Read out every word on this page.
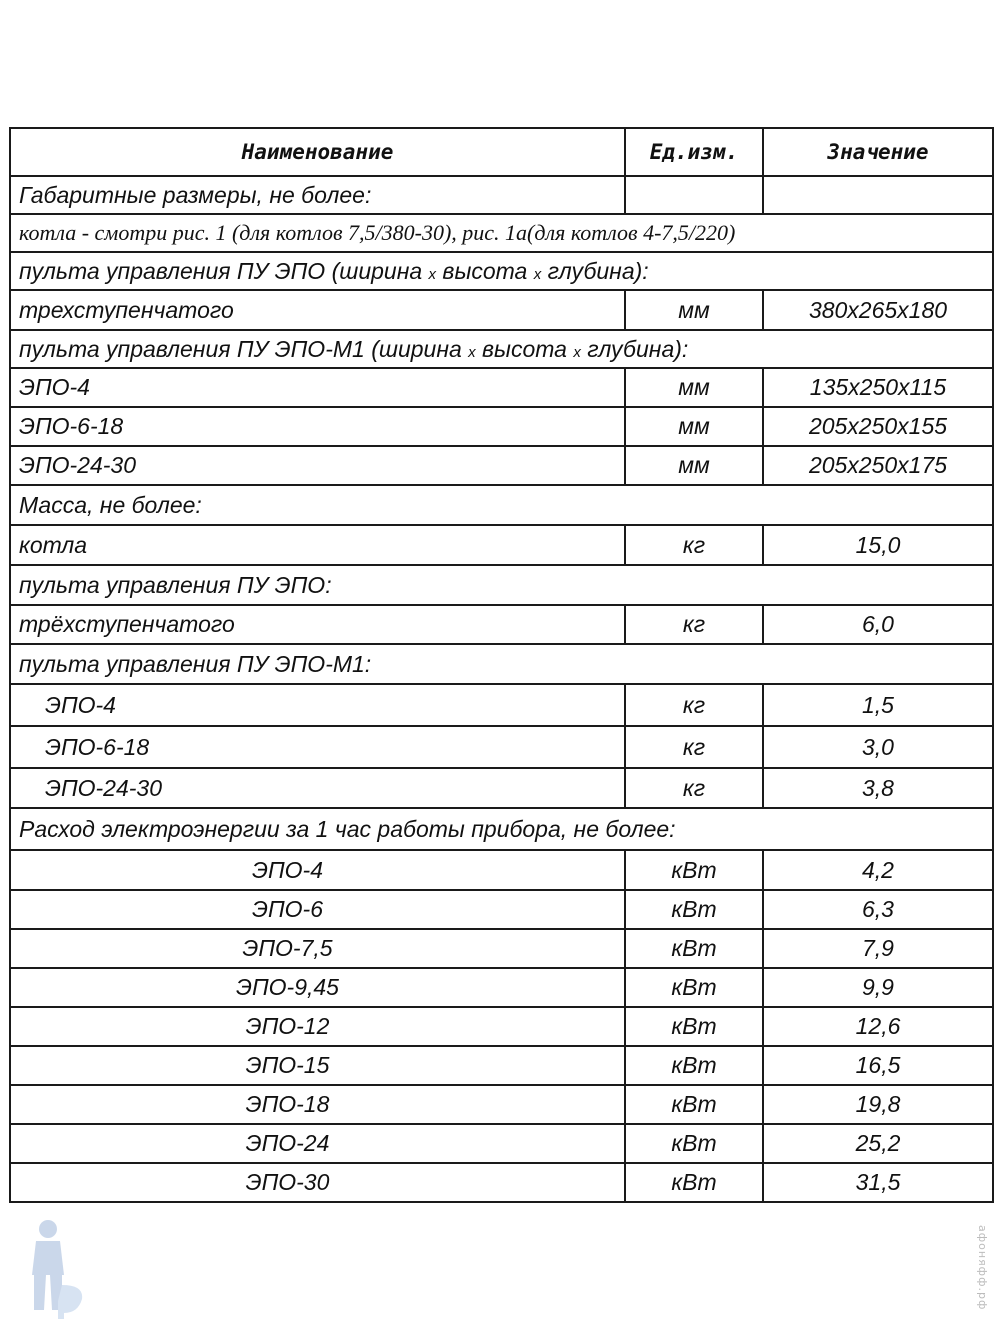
Наименование	Ед.изм.	Значение
Габаритные размеры, не более:		
котла - смотри рис. 1 (для котлов 7,5/380-30), рис. 1а(для котлов 4-7,5/220)		
пульта управления ПУ ЭПО (ширина х высота х глубина):		
трехступенчатого	мм	380х265х180
пульта управления ПУ ЭПО-М1 (ширина х высота х глубина):		
ЭПО-4	мм	135х250х115
ЭПО-6-18	мм	205х250х155
ЭПО-24-30	мм	205х250х175
Масса, не более:		
котла	кг	15,0
пульта управления ПУ ЭПО:		
трёхступенчатого	кг	6,0
пульта управления ПУ ЭПО-М1:		
ЭПО-4	кг	1,5
ЭПО-6-18	кг	3,0
ЭПО-24-30	кг	3,8
Расход электроэнергии за 1 час работы прибора, не более:		
ЭПО-4	кВт	4,2
ЭПО-6	кВт	6,3
ЭПО-7,5	кВт	7,9
ЭПО-9,45	кВт	9,9
ЭПО-12	кВт	12,6
ЭПО-15	кВт	16,5
ЭПО-18	кВт	19,8
ЭПО-24	кВт	25,2
ЭПО-30	кВт	31,5
афоняфф.рф
